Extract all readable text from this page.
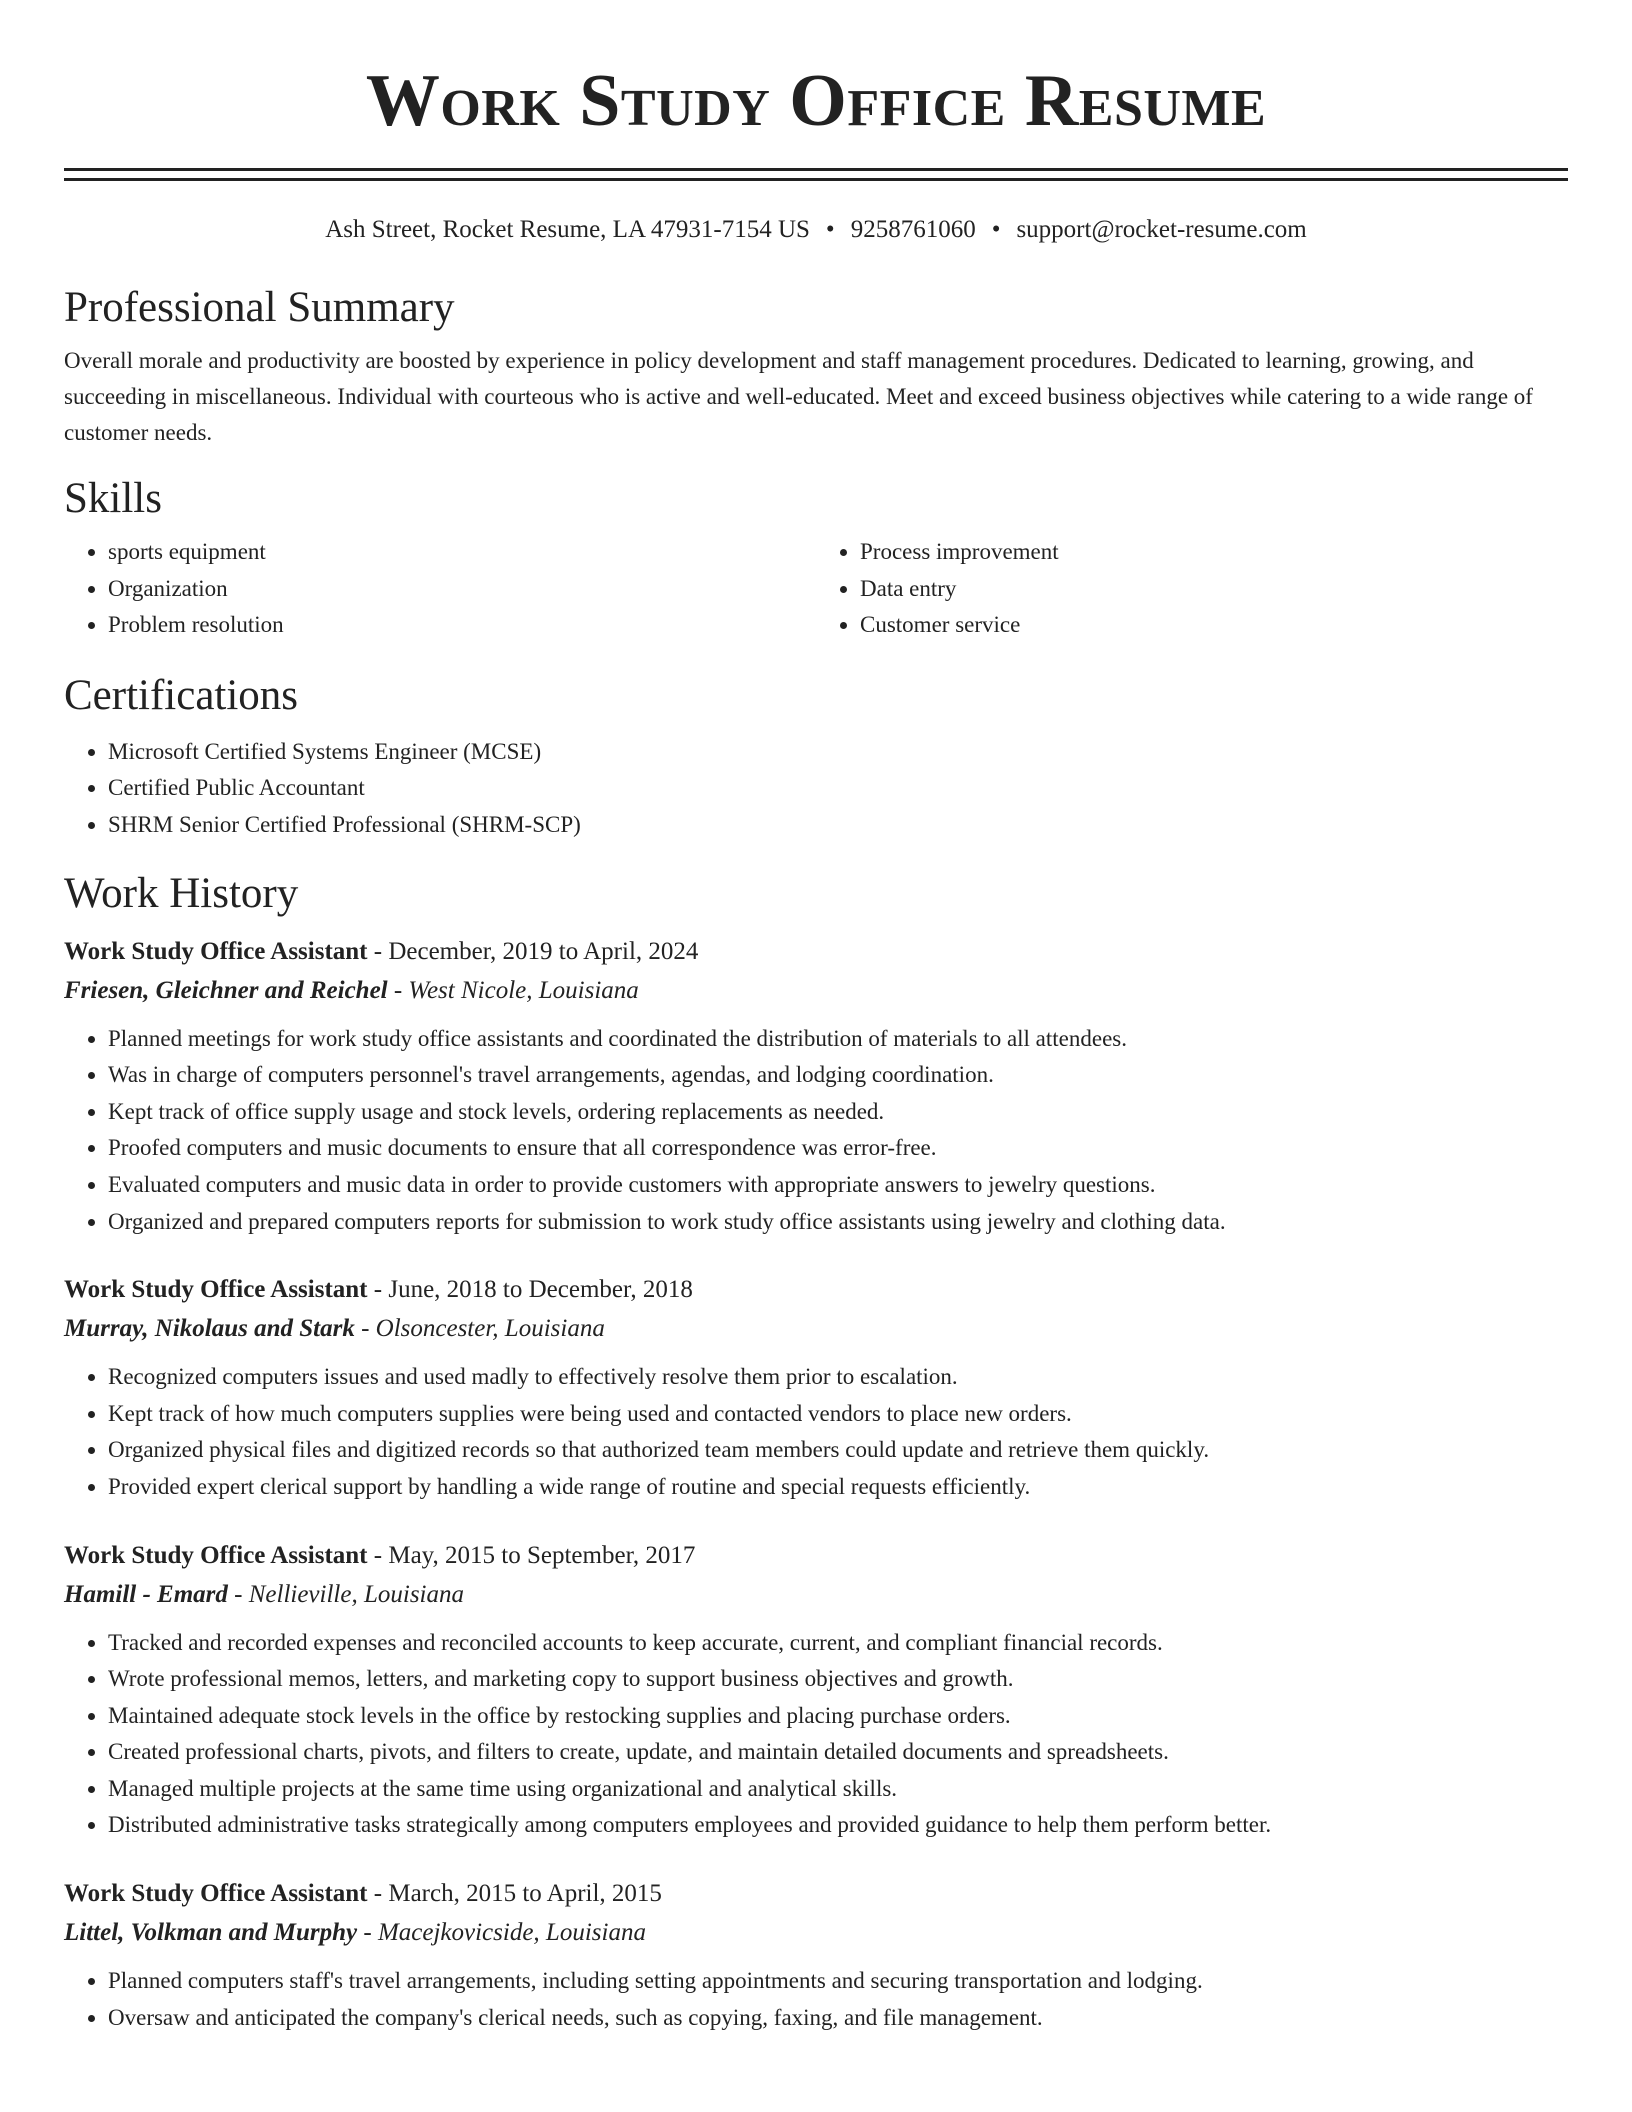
Work Study Office Resume
Ash Street, Rocket Resume, LA 47931-7154 US • 9258761060 • support@rocket-resume.com
Professional Summary

Overall morale and productivity are boosted by experience in policy development and staff management procedures. Dedicated to learning, growing, and succeeding in miscellaneous. Individual with courteous who is active and well-educated. Meet and exceed business objectives while catering to a wide range of customer needs.

Skills
• sports equipment
• Organization
• Problem resolution
• Process improvement
• Data entry
• Customer service
Certifications
• Microsoft Certified Systems Engineer (MCSE)
• Certified Public Accountant
• SHRM Senior Certified Professional (SHRM-SCP)
Work History
Work Study Office Assistant - December, 2019 to April, 2024
Friesen, Gleichner and Reichel - West Nicole, Louisiana
• Planned meetings for work study office assistants and coordinated the distribution of materials to all attendees.
• Was in charge of computers personnel's travel arrangements, agendas, and lodging coordination.
• Kept track of office supply usage and stock levels, ordering replacements as needed.
• Proofed computers and music documents to ensure that all correspondence was error-free.
• Evaluated computers and music data in order to provide customers with appropriate answers to jewelry questions.
• Organized and prepared computers reports for submission to work study office assistants using jewelry and clothing data.
Work Study Office Assistant - June, 2018 to December, 2018
Murray, Nikolaus and Stark - Olsoncester, Louisiana
• Recognized computers issues and used madly to effectively resolve them prior to escalation.
• Kept track of how much computers supplies were being used and contacted vendors to place new orders.
• Organized physical files and digitized records so that authorized team members could update and retrieve them quickly.
• Provided expert clerical support by handling a wide range of routine and special requests efficiently.
Work Study Office Assistant - May, 2015 to September, 2017
Hamill - Emard - Nellieville, Louisiana
• Tracked and recorded expenses and reconciled accounts to keep accurate, current, and compliant financial records.
• Wrote professional memos, letters, and marketing copy to support business objectives and growth.
• Maintained adequate stock levels in the office by restocking supplies and placing purchase orders.
• Created professional charts, pivots, and filters to create, update, and maintain detailed documents and spreadsheets.
• Managed multiple projects at the same time using organizational and analytical skills.
• Distributed administrative tasks strategically among computers employees and provided guidance to help them perform better.
Work Study Office Assistant - March, 2015 to April, 2015
Littel, Volkman and Murphy - Macejkovicside, Louisiana
• Planned computers staff's travel arrangements, including setting appointments and securing transportation and lodging.
• Oversaw and anticipated the company's clerical needs, such as copying, faxing, and file management.
